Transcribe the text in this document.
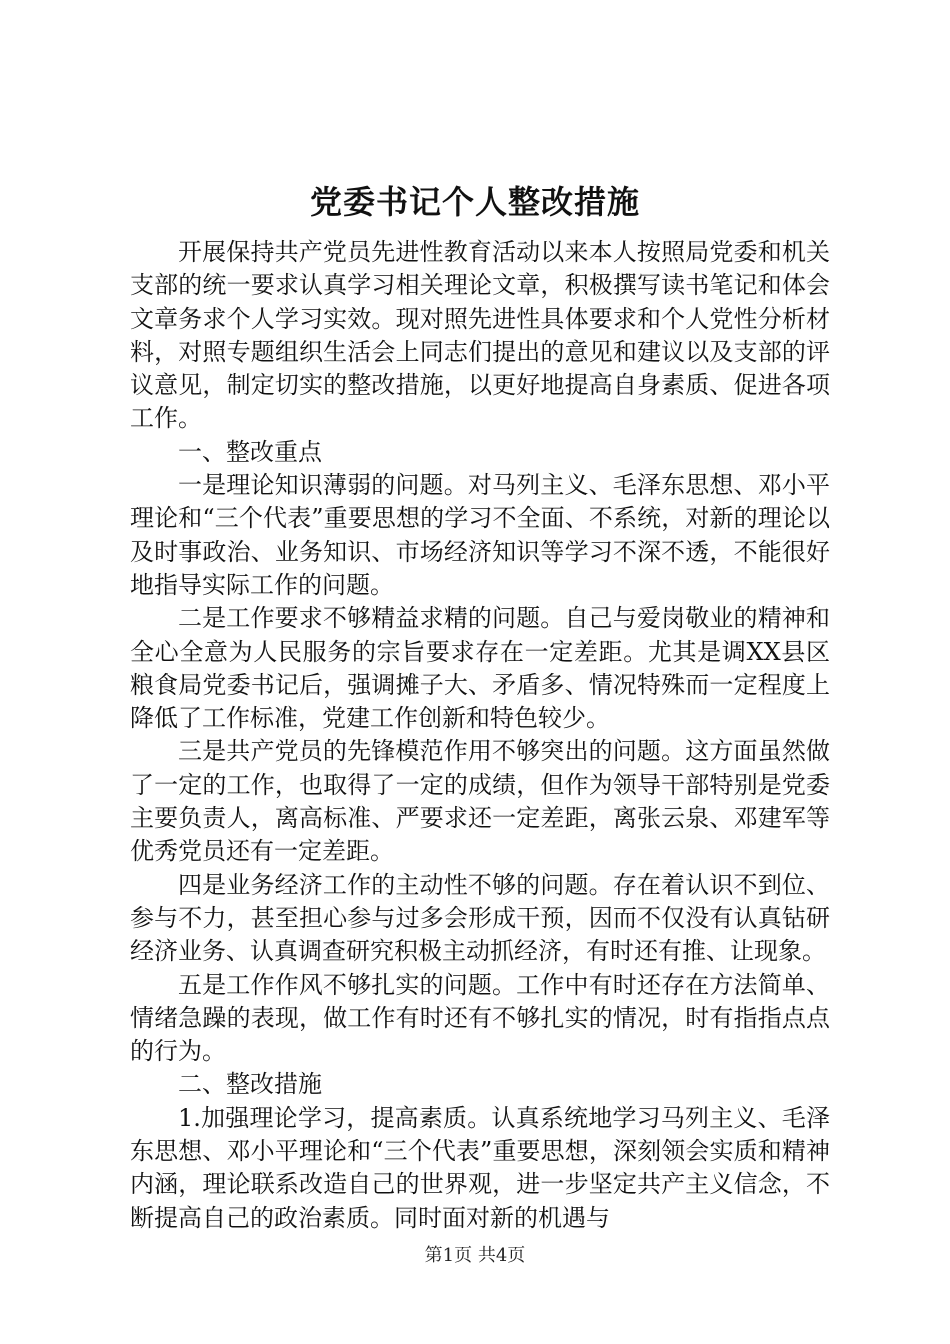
党委书记个人整改措施

开展保持共产党员先进性教育活动以来本人按照局党委和机关支部的统一要求认真学习相关理论文章，积极撰写读书笔记和体会文章务求个人学习实效。现对照先进性具体要求和个人党性分析材料，对照专题组织生活会上同志们提出的意见和建议以及支部的评议意见，制定切实的整改措施，以更好地提高自身素质、促进各项工作。

一、整改重点

一是理论知识薄弱的问题。对马列主义、毛泽东思想、邓小平理论和“三个代表”重要思想的学习不全面、不系统，对新的理论以及时事政治、业务知识、市场经济知识等学习不深不透，不能很好地指导实际工作的问题。

二是工作要求不够精益求精的问题。自己与爱岗敬业的精神和全心全意为人民服务的宗旨要求存在一定差距。尤其是调XX县区粮食局党委书记后，强调摊子大、矛盾多、情况特殊而一定程度上降低了工作标准，党建工作创新和特色较少。

三是共产党员的先锋模范作用不够突出的问题。这方面虽然做了一定的工作，也取得了一定的成绩，但作为领导干部特别是党委主要负责人，离高标准、严要求还一定差距，离张云泉、邓建军等优秀党员还有一定差距。

四是业务经济工作的主动性不够的问题。存在着认识不到位、参与不力，甚至担心参与过多会形成干预，因而不仅没有认真钻研经济业务、认真调查研究积极主动抓经济，有时还有推、让现象。

五是工作作风不够扎实的问题。工作中有时还存在方法简单、情绪急躁的表现，做工作有时还有不够扎实的情况，时有指指点点的行为。

二、整改措施

1.加强理论学习，提高素质。认真系统地学习马列主义、毛泽东思想、邓小平理论和“三个代表”重要思想，深刻领会实质和精神内涵，理论联系改造自己的世界观，进一步坚定共产主义信念，不断提高自己的政治素质。同时面对新的机遇与

第1页 共4页
